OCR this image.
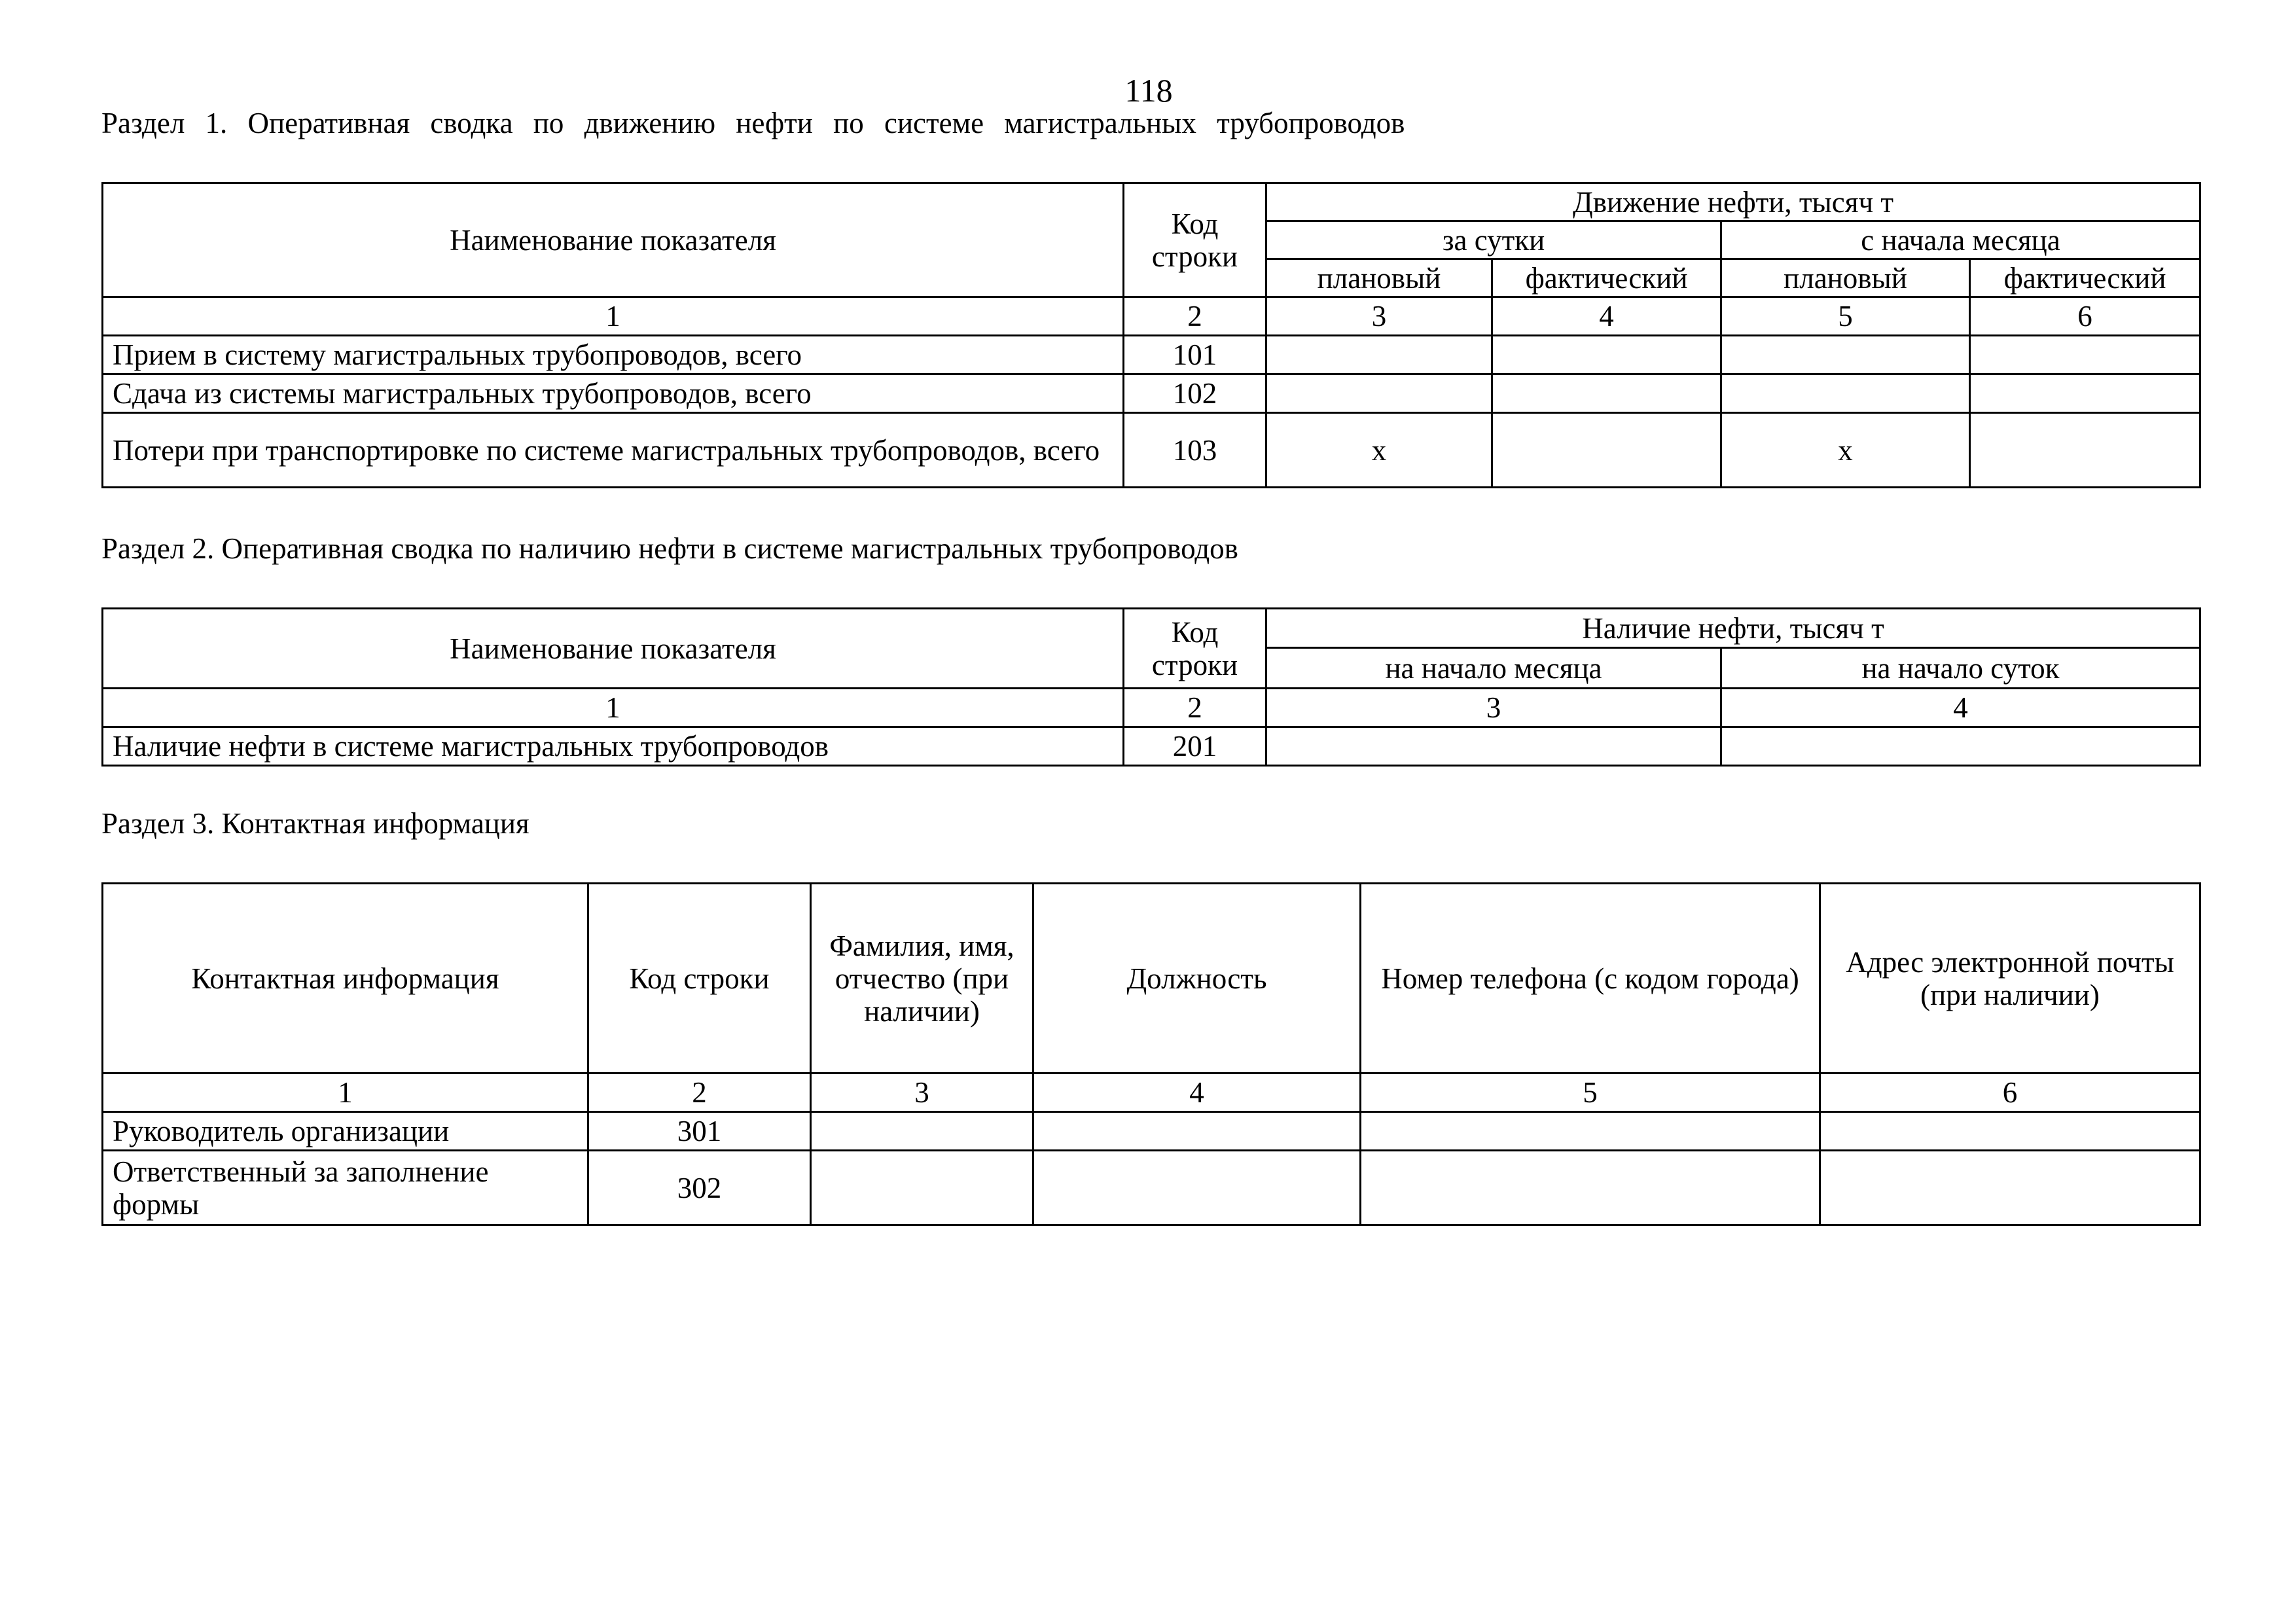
118
Раздел 1. Оперативная сводка по движению нефти по системе магистральных трубопроводов
Наименование показателя	Код строки	Движение нефти, тысяч т			
		за сутки		с начала месяца	
		плановый	фактический	плановый	фактический
1	2	3	4	5	6
Прием в систему магистральных трубопроводов, всего	101				
Сдача из системы магистральных трубопроводов, всего	102				
Потери при транспортировке по системе магистральных трубопроводов, всего	103	x		x	
Раздел 2. Оперативная сводка по наличию нефти в системе магистральных трубопроводов
Наименование показателя	Код строки	Наличие нефти, тысяч т	
		на начало месяца	на начало суток
1	2	3	4
Наличие нефти в системе магистральных трубопроводов	201		
Раздел 3. Контактная информация
Контактная информация	Код строки	Фамилия, имя, отчество (при наличии)	Должность	Номер телефона (с кодом города)	Адрес электронной почты (при наличии)
1	2	3	4	5	6
Руководитель организации	301				
Ответственный за заполнение формы	302				
